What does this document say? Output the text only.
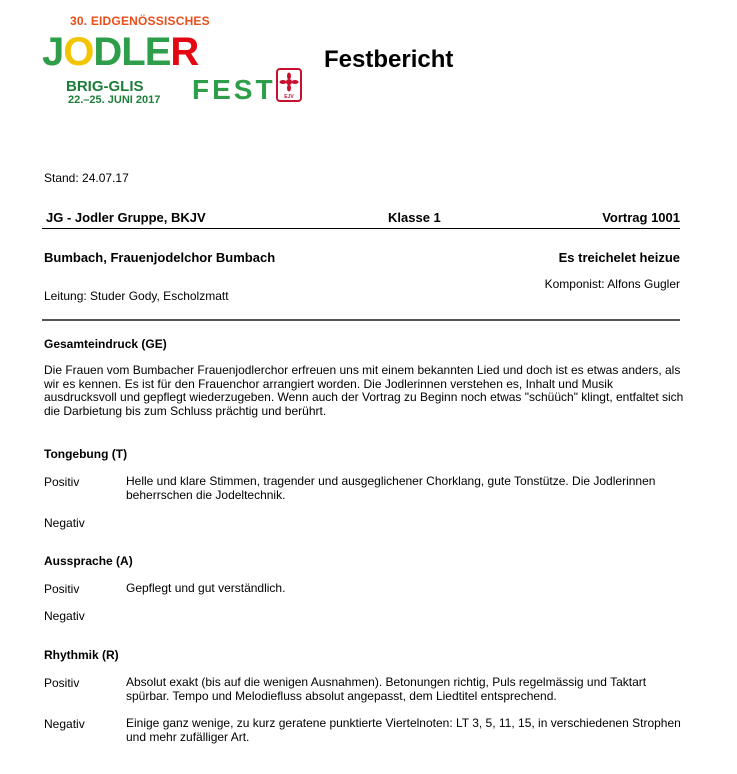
30. EIDGENÖSSISCHES
JODLER
BRIG-GLIS
22.–25. JUNI 2017 FEST EJV
Festbericht
Stand: 24.07.17
JG - Jodler Gruppe, BKJV	Klasse 1	Vortrag 1001
Bumbach, Frauenjodelchor Bumbach	Es treichelet heizue
Komponist: Alfons Gugler
Leitung: Studer Gody, Escholzmatt
Gesamteindruck (GE)
Die Frauen vom Bumbacher Frauenjodlerchor erfreuen uns mit einem bekannten Lied und doch ist es etwas anders, als wir es kennen. Es ist für den Frauenchor arrangiert worden. Die Jodlerinnen verstehen es, Inhalt und Musik ausdrucksvoll und gepflegt wiederzugeben. Wenn auch der Vortrag zu Beginn noch etwas "schüüch" klingt, entfaltet sich die Darbietung bis zum Schluss prächtig und berührt.
Tongebung (T)
Positiv	Helle und klare Stimmen, tragender und ausgeglichener Chorklang, gute Tonstütze. Die Jodlerinnen beherrschen die Jodeltechnik.
Negativ
Aussprache (A)
Positiv	Gepflegt und gut verständlich.
Negativ
Rhythmik (R)
Positiv	Absolut exakt (bis auf die wenigen Ausnahmen). Betonungen richtig, Puls regelmässig und Taktart spürbar. Tempo und Melodiefluss absolut angepasst, dem Liedtitel entsprechend.
Negativ	Einige ganz wenige, zu kurz geratene punktierte Viertelnoten: LT 3, 5, 11, 15, in verschiedenen Strophen und mehr zufälliger Art.
